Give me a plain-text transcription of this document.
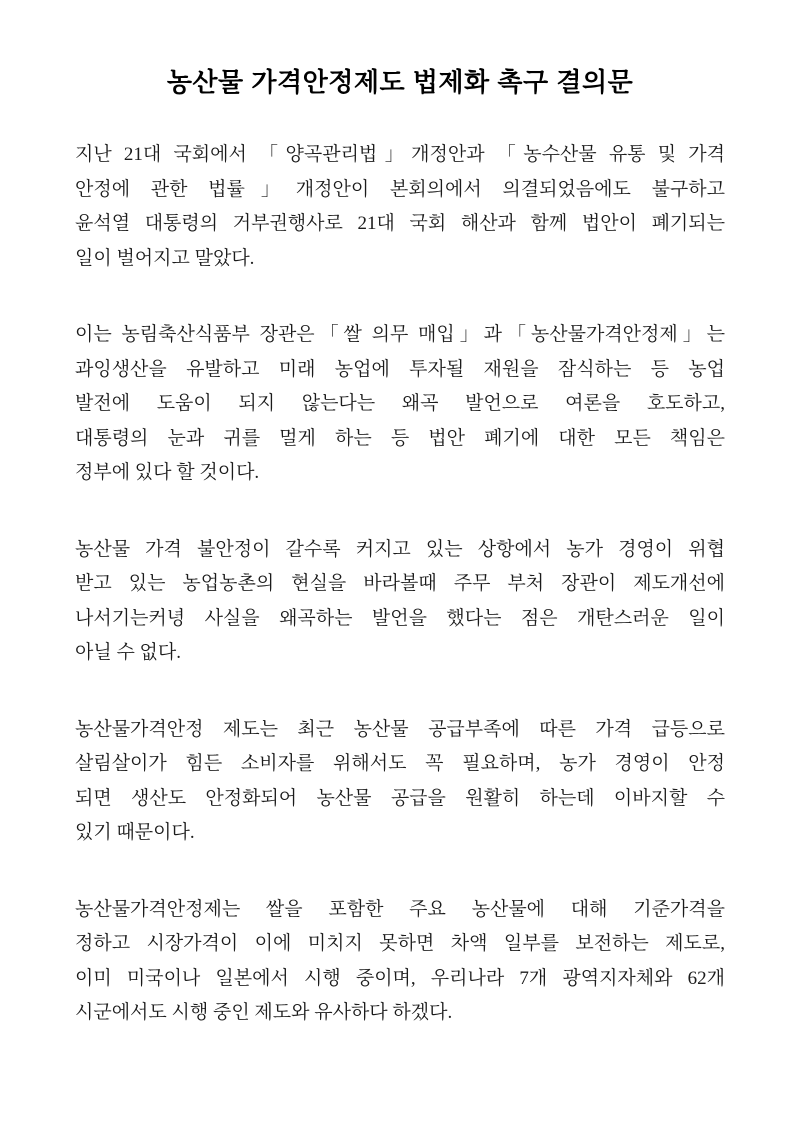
농산물 가격안정제도 법제화 촉구 결의문
지난 21대 국회에서 「양곡관리법」개정안과 「농수산물 유통 및 가격
안정에 관한 법률」개정안이 본회의에서 의결되었음에도 불구하고
윤석열 대통령의 거부권행사로 21대 국회 해산과 함께 법안이 폐기되는
일이 벌어지고 말았다.
이는 농림축산식품부 장관은「쌀 의무 매입」과「농산물가격안정제」는
과잉생산을 유발하고 미래 농업에 투자될 재원을 잠식하는 등 농업
발전에 도움이 되지 않는다는 왜곡 발언으로 여론을 호도하고,
대통령의 눈과 귀를 멀게 하는 등 법안 폐기에 대한 모든 책임은
정부에 있다 할 것이다.
농산물 가격 불안정이 갈수록 커지고 있는 상항에서 농가 경영이 위협
받고 있는 농업농촌의 현실을 바라볼때 주무 부처 장관이 제도개선에
나서기는커녕 사실을 왜곡하는 발언을 했다는 점은 개탄스러운 일이
아닐 수 없다.
농산물가격안정 제도는 최근 농산물 공급부족에 따른 가격 급등으로
살림살이가 힘든 소비자를 위해서도 꼭 필요하며, 농가 경영이 안정
되면 생산도 안정화되어 농산물 공급을 원활히 하는데 이바지할 수
있기 때문이다.
농산물가격안정제는 쌀을 포함한 주요 농산물에 대해 기준가격을
정하고 시장가격이 이에 미치지 못하면 차액 일부를 보전하는 제도로,
이미 미국이나 일본에서 시행 중이며, 우리나라 7개 광역지자체와 62개
시군에서도 시행 중인 제도와 유사하다 하겠다.
